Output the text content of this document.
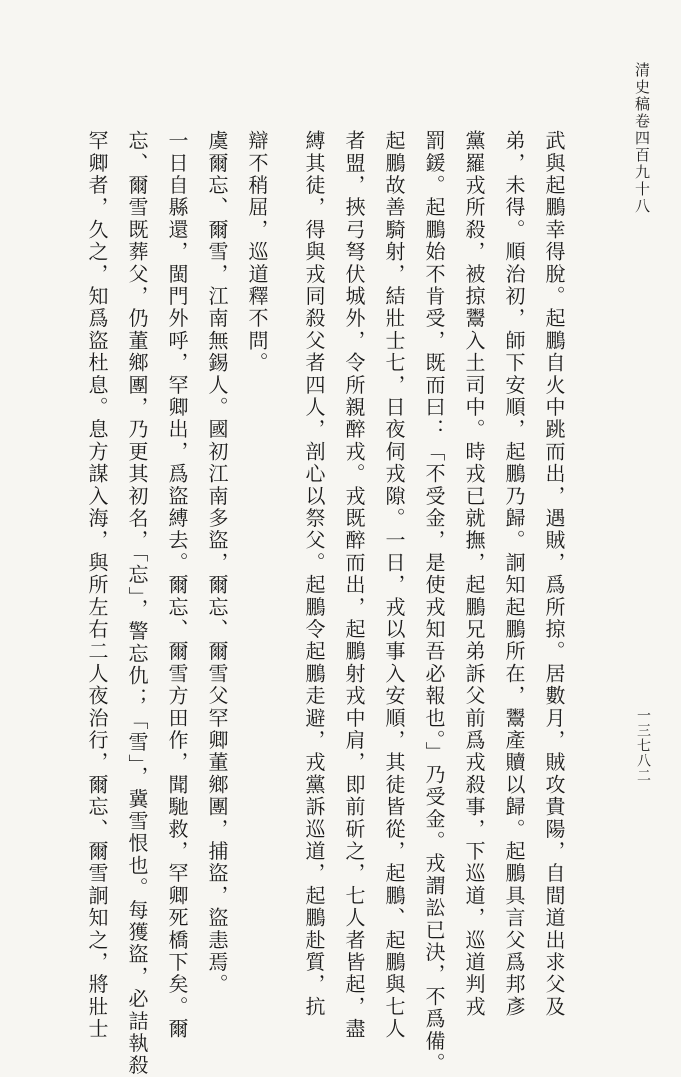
清史稿卷四百九十八
武與起鵬幸得脫。起鵬自火中跳而出，遇賊，爲所掠。居數月，賊攻貴陽，自間道出求父及
弟，未得。順治初，師下安順，起鵬乃歸。詗知起鵬所在，鬻產贖以歸。起鵬具言父爲邦彥
黨羅戎所殺，被掠鬻入土司中。時戎已就撫，起鵬兄弟訴父前爲戎殺事，下巡道，巡道判戎
罰鍰。起鵬始不肯受，既而曰：「不受金，是使戎知吾必報也。」乃受金。戎謂訟已決，不爲備。
起鵬故善騎射，結壯士七，日夜伺戎隙。一日，戎以事入安順，其徒皆從，起鵬、起鵬與七人
者盟，挾弓弩伏城外，令所親醉戎。戎既醉而出，起鵬射戎中肩，即前斫之，七人者皆起，盡
縛其徒，得與戎同殺父者四人，剖心以祭父。起鵬令起鵬走避，戎黨訴巡道，起鵬赴質，抗
辯不稍屈，巡道釋不問。
虞爾忘、爾雪，江南無錫人。國初江南多盜，爾忘、爾雪父罕卿董鄉團，捕盜，盜恚焉。
一日自縣還，閩門外呼，罕卿出，爲盜縛去。爾忘、爾雪方田作，聞馳救，罕卿死橋下矣。爾
忘、爾雪既葬父，仍董鄉團，乃更其初名，「忘」，警忘仇；「雪」，冀雪恨也。每獲盜，必詰執殺
罕卿者，久之，知爲盜杜息。息方謀入海，與所左右二人夜治行，爾忘、爾雪詗知之，將壯士	一三七八二
